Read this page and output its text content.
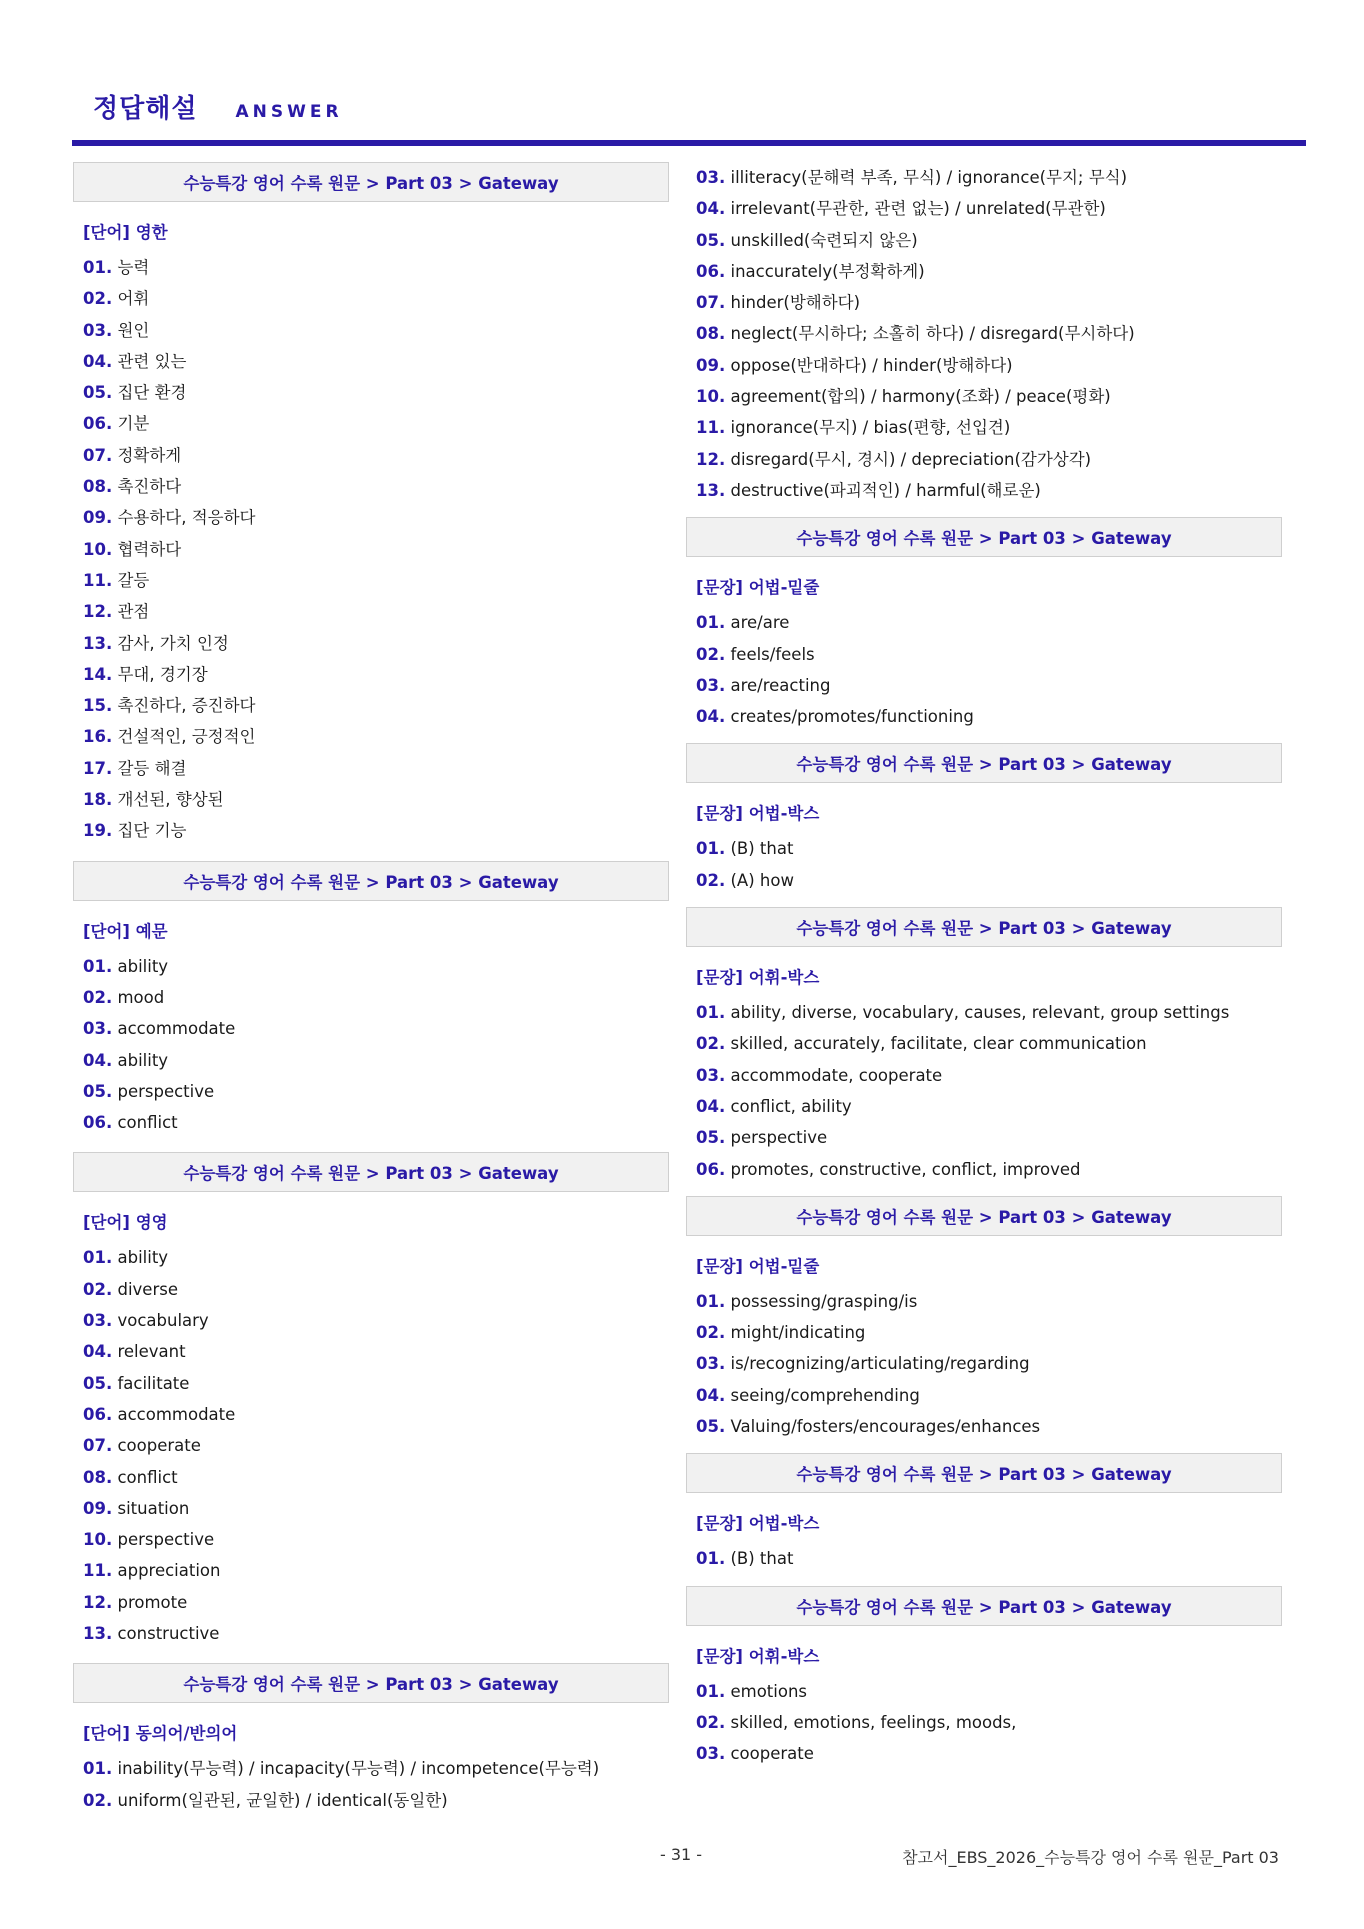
정답해설 ANSWER
수능특강 영어 수록 원문 > Part 03 > Gateway
[단어] 영한
01. 능력
02. 어휘
03. 원인
04. 관련 있는
05. 집단 환경
06. 기분
07. 정확하게
08. 촉진하다
09. 수용하다, 적응하다
10. 협력하다
11. 갈등
12. 관점
13. 감사, 가치 인정
14. 무대, 경기장
15. 촉진하다, 증진하다
16. 건설적인, 긍정적인
17. 갈등 해결
18. 개선된, 향상된
19. 집단 기능
수능특강 영어 수록 원문 > Part 03 > Gateway
[단어] 예문
01. ability
02. mood
03. accommodate
04. ability
05. perspective
06. conflict
수능특강 영어 수록 원문 > Part 03 > Gateway
[단어] 영영
01. ability
02. diverse
03. vocabulary
04. relevant
05. facilitate
06. accommodate
07. cooperate
08. conflict
09. situation
10. perspective
11. appreciation
12. promote
13. constructive
수능특강 영어 수록 원문 > Part 03 > Gateway
[단어] 동의어/반의어
01. inability(무능력) / incapacity(무능력) / incompetence(무능력)
02. uniform(일관된, 균일한) / identical(동일한)
03. illiteracy(문해력 부족, 무식) / ignorance(무지; 무식)
04. irrelevant(무관한, 관련 없는) / unrelated(무관한)
05. unskilled(숙련되지 않은)
06. inaccurately(부정확하게)
07. hinder(방해하다)
08. neglect(무시하다; 소홀히 하다) / disregard(무시하다)
09. oppose(반대하다) / hinder(방해하다)
10. agreement(합의) / harmony(조화) / peace(평화)
11. ignorance(무지) / bias(편향, 선입견)
12. disregard(무시, 경시) / depreciation(감가상각)
13. destructive(파괴적인) / harmful(해로운)
수능특강 영어 수록 원문 > Part 03 > Gateway
[문장] 어법-밑줄
01. are/are
02. feels/feels
03. are/reacting
04. creates/promotes/functioning
수능특강 영어 수록 원문 > Part 03 > Gateway
[문장] 어법-박스
01. (B) that
02. (A) how
수능특강 영어 수록 원문 > Part 03 > Gateway
[문장] 어휘-박스
01. ability, diverse, vocabulary, causes, relevant, group settings
02. skilled, accurately, facilitate, clear communication
03. accommodate, cooperate
04. conflict, ability
05. perspective
06. promotes, constructive, conflict, improved
수능특강 영어 수록 원문 > Part 03 > Gateway
[문장] 어법-밑줄
01. possessing/grasping/is
02. might/indicating
03. is/recognizing/articulating/regarding
04. seeing/comprehending
05. Valuing/fosters/encourages/enhances
수능특강 영어 수록 원문 > Part 03 > Gateway
[문장] 어법-박스
01. (B) that
수능특강 영어 수록 원문 > Part 03 > Gateway
[문장] 어휘-박스
01. emotions
02. skilled, emotions, feelings, moods,
03. cooperate
- 31 -	참고서_EBS_2026_수능특강 영어 수록 원문_Part 03
